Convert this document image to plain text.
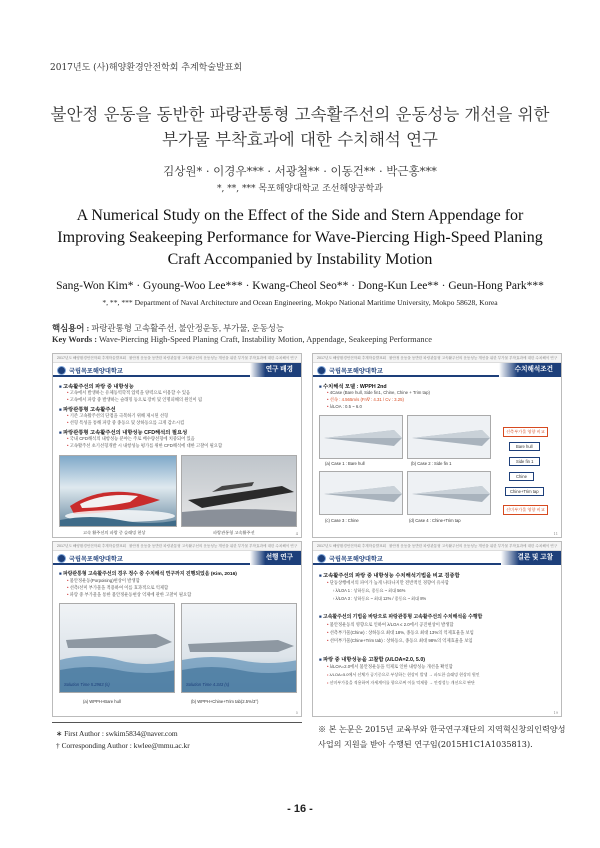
2017년도 (사)해양환경안전학회 추계학술발표회
불안정 운동을 동반한 파랑관통형 고속활주선의 운동성능 개선을 위한
부가물 부착효과에 대한 수치해석 연구
김상원* · 이경우*** · 서광철** · 이동건** · 박근홍***
*, **, *** 목포해양대학교 조선해양공학과
A Numerical Study on the Effect of the Side and Stern Appendage for
Improving Seakeeping Performance for Wave-Piercing High-Speed Planing
Craft Accompanied by Instability Motion
Sang-Won Kim* · Gyoung-Woo Lee*** · Kwang-Cheol Seo** · Dong-Kun Lee** · Geun-Hong Park***
*, **, *** Department of Naval Architecture and Ocean Engineering, Mokpo National Maritime University, Mokpo 58628, Korea
핵심용어 : 파랑관통형 고속활주선, 불안정운동, 부가물, 운동성능
Key Words : Wave-Piercing High-Speed Planing Craft, Instability Motion, Appendage, Seakeeping Performance
2017년도 해양환경안전학회 추계학술발표회 불안정 운동을 동반한 파랑관통형 고속활주선의 운동성능 개선을 위한 부가물 부착효과에 대한 수치해석 연구
국립목포해양대학교	연구 배경
■ 고속활주선의 파랑 중 내항성능
• 고속에서 발생하는 유체동역학적 압력을 양력으로 이용할 수 있음
• 고속에서 파랑 중 발생하는 슬래밍 등으로 장비 및 인명피해의 원인이 됨
■ 파랑관통형 고속활주선
• 기존 고속활주선의 단점을 극복하기 위해 제시된 선형
• 선형 특성을 통해 파랑 중 종동요 및 상하동요를 크게 감소시킴
■ 파랑관통형 고속활주선의 내항성능 CFD해석의 필요성
• 국내 CFD해석의 내항성능 분야는 주로 배수량선형에 치중되어 있음
• 고속활주선 초기선형개발 시 내항성능 평가를 위한 CFD해석에 대한 고찰이 필요함
고속 활주선의 파랑 중 슬래밍 현상	파랑관통형 고속활주선	4
2017년도 해양환경안전학회 추계학술발표회 불안정 운동을 동반한 파랑관통형 고속활주선의 운동성능 개선을 위한 부가물 부착효과에 대한 수치해석 연구
국립목포해양대학교	수치해석조건
■ 수치해석 모델 : WPPH 2nd
• 4Case (Bare hull, Side fin1, Chine, Chine + Trim tap)
• 선속 : 4.565m/s (Fn∇ : 4.31 / Cv : 3.25)
• λ/LOA : 0.5 ~ 6.0
(a) Case 1 : Bare hull	(b) Case 2 : Side fin 1
(c) Case 3 : Chine	(d) Case 4 : Chine+Trim tap
선측부가물 영향 비교
Bare hull
Side fin 1
Chine
Chine+Trim tap
선미부가물 영향 비교
11
2017년도 해양환경안전학회 추계학술발표회 불안정 운동을 동반한 파랑관통형 고속활주선의 운동성능 개선을 위한 부가물 부착효과에 대한 수치해석 연구
국립목포해양대학교	선행 연구
■ 파랑관통형 고속활주선의 경우 정수 중 수치해석 연구까지 진행되었음 (Kim, 2016)
• 불안정운동(Porpoising)현상이 발생함
• 선측/선미 부가물을 적용하여 이를 효과적으로 억제함
• 파랑 중 부가물을 통한 불안정운동현상 억제에 관한 고찰이 필요함
Solution Time 5.2983 (s)	Solution Time 4.343 (s)
(a) WPPH+Bare hull	(b) WPPH+Chine+Trim tab(2.5%/3°)
5
2017년도 해양환경안전학회 추계학술발표회 불안정 운동을 동반한 파랑관통형 고속활주선의 운동성능 개선을 위한 부가물 부착효과에 대한 수치해석 연구
국립목포해양대학교	결론 및 고찰
■ 고속활주선의 파랑 중 내항성능 수치해석기법을 비교 검증함
• 단동상행에서의 파이가 높게 나타나지만 전반적인 경향이 유사함
› λ/LOA 1 : 상하동요, 종동요 ~ 최대 56%
› λ/LOA 3 : 상하동요 ~ 최대 12% / 종동요 ~ 최대 8%
■ 고속활주선의 기법을 바탕으로 파랑관통형 고속활주선의 수치해석을 수행함
• 불안정운동의 영향으로 인하여 λ/LOA ≤ 2.0에서 공진현상이 발생함
• 선측부가물(Chine) : 상하동요 최대 18%, 종동요 최대 13%의 억제효율을 보임
• 선미부가물(Chine+Trim tab) : 상하동요, 종동요 최대 98%의 억제효율을 보임
■ 파랑 중 내항성능을 고찰함 (λ/LOA=2.0, 5.0)
• λ/LOA=2.0에서 불안정운동을 억제로 인한 내항성능 개선을 확인함
• λ/LOA=5.0에서 선체가 공기중으로 부상하는 현상이 발생 → 파도한 슬래밍 현상의 원인
• 선미부가물을 적용하여 자세계어를 향으로써 이를 억제함 → 안정성능 개선으로 판단
19
∗ First Author : swkim5834@naver.com
† Corresponding Author : kwlee@mmu.ac.kr
※ 본 논문은 2015년 교육부와 한국연구재단의 지역혁신창의인력양성사업의 지원을 받아 수행된 연구임(2015H1C1A1035813).
- 16 -
